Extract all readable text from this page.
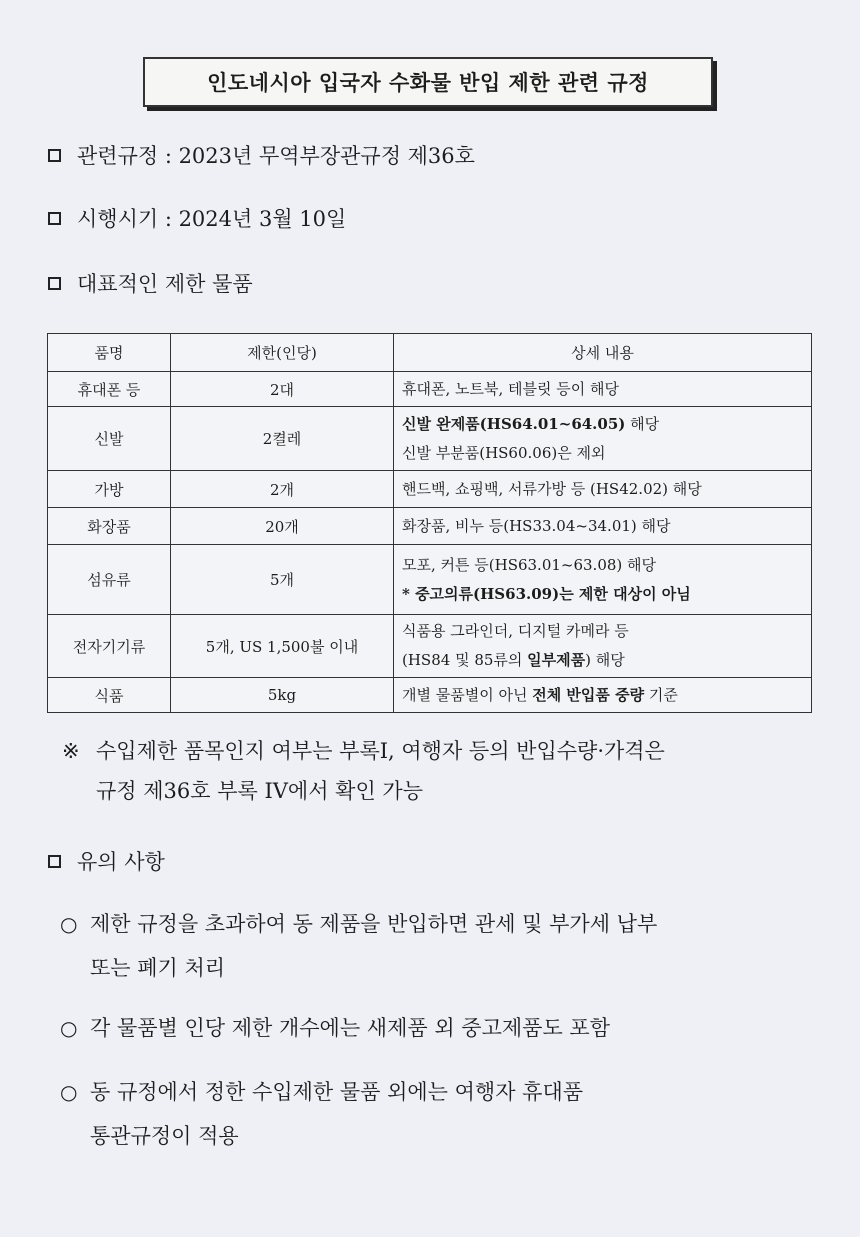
인도네시아 입국자 수화물 반입 제한 관련 규정
관련규정 : 2023년 무역부장관규정 제36호
시행시기 : 2024년 3월 10일
대표적인 제한 물품
품명	제한(인당)	상세 내용
휴대폰 등	2대	휴대폰, 노트북, 테블릿 등이 해당
신발	2켤레	신발 완제품(HS64.01~64.05) 해당
신발 부분품(HS60.06)은 제외
가방	2개	핸드백, 쇼핑백, 서류가방 등 (HS42.02) 해당
화장품	20개	화장품, 비누 등(HS33.04~34.01) 해당
섬유류	5개	모포, 커튼 등(HS63.01~63.08) 해당
* 중고의류(HS63.09)는 제한 대상이 아님
전자기기류	5개, US 1,500불 이내	식품용 그라인더, 디지털 카메라 등
(HS84 및 85류의 일부제품) 해당
식품	5kg	개별 물품별이 아닌 전체 반입품 중량 기준
※ 수입제한 품목인지 여부는 부록I, 여행자 등의 반입수량·가격은
규정 제36호 부록 IV에서 확인 가능
유의 사항
○ 제한 규정을 초과하여 동 제품을 반입하면 관세 및 부가세 납부
또는 폐기 처리
○ 각 물품별 인당 제한 개수에는 새제품 외 중고제품도 포함
○ 동 규정에서 정한 수입제한 물품 외에는 여행자 휴대품
통관규정이 적용
